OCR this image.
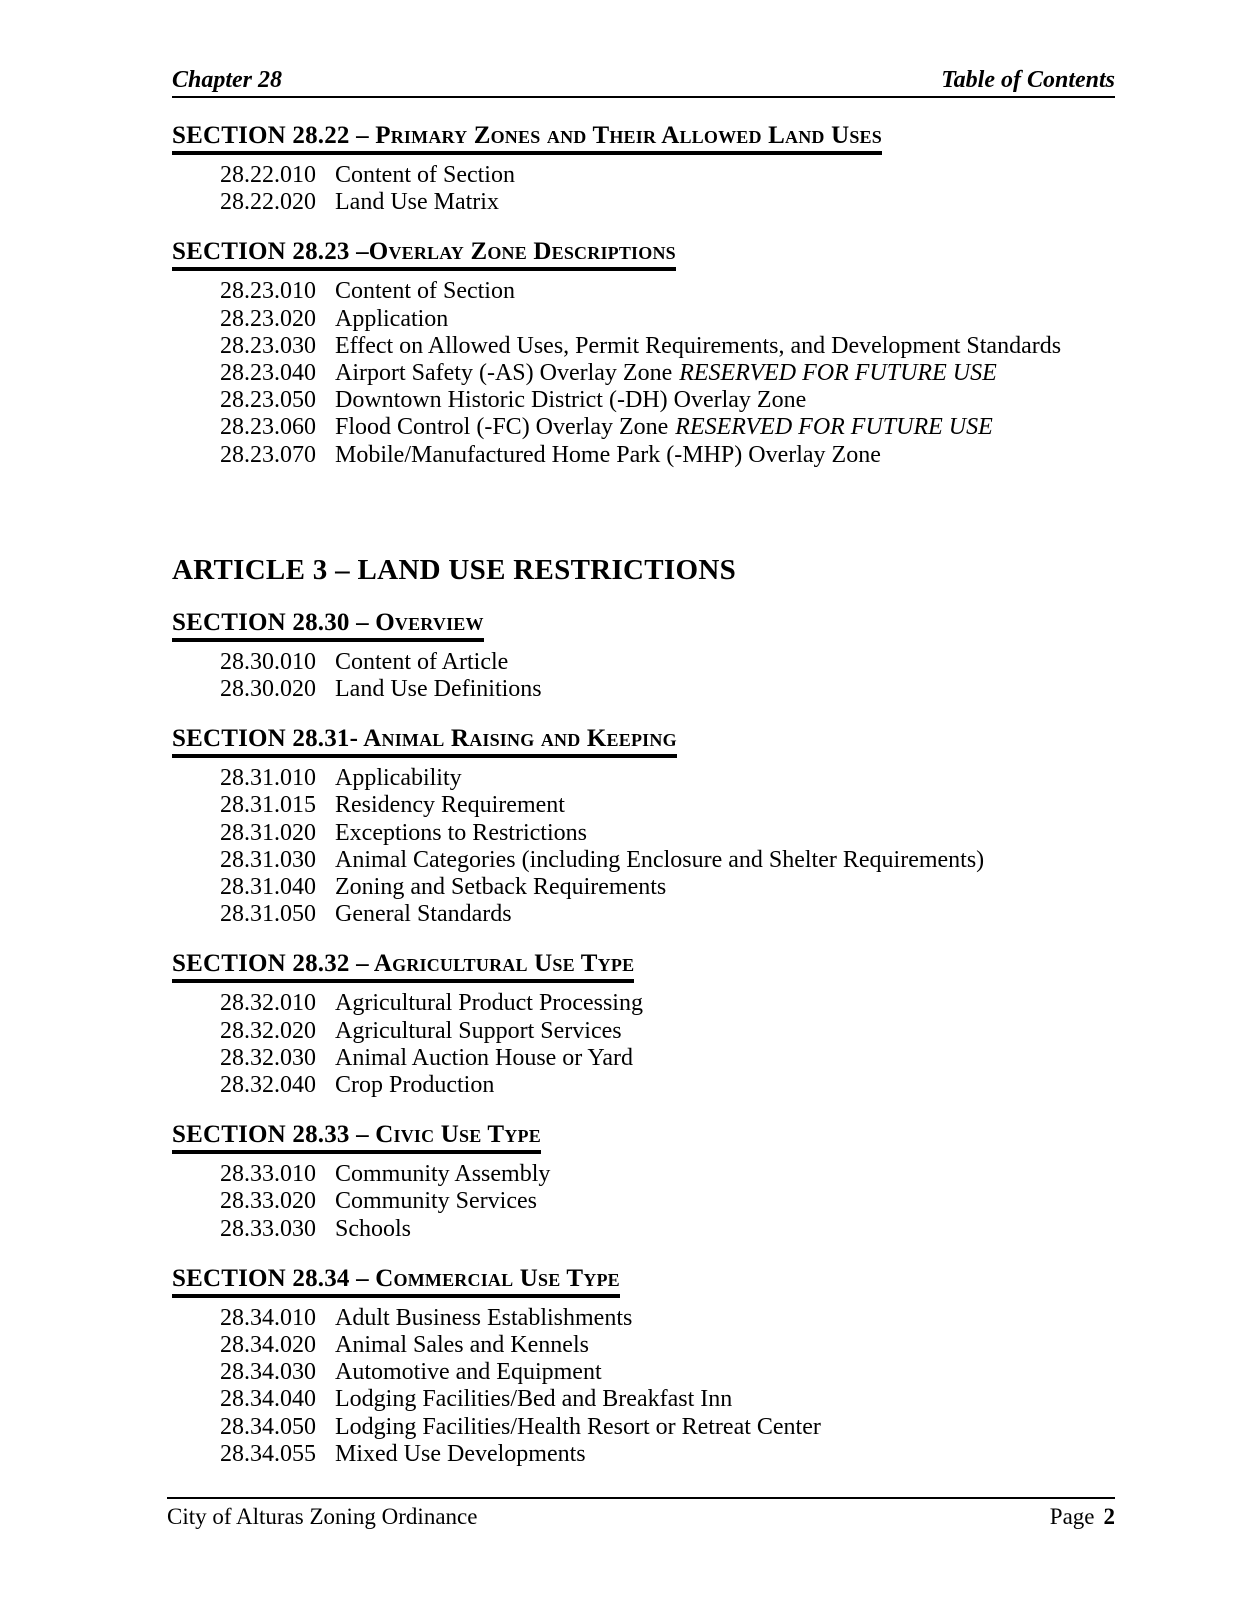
Chapter 28	Table of Contents
SECTION 28.22 – Primary Zones and Their Allowed Land Uses
28.22.010 Content of Section
28.22.020 Land Use Matrix
SECTION 28.23 –Overlay Zone Descriptions
28.23.010 Content of Section
28.23.020 Application
28.23.030 Effect on Allowed Uses, Permit Requirements, and Development Standards
28.23.040 Airport Safety (-AS) Overlay Zone RESERVED FOR FUTURE USE
28.23.050 Downtown Historic District (-DH) Overlay Zone
28.23.060 Flood Control (-FC) Overlay Zone RESERVED FOR FUTURE USE
28.23.070 Mobile/Manufactured Home Park (-MHP) Overlay Zone
ARTICLE 3 – LAND USE RESTRICTIONS
SECTION 28.30 – Overview
28.30.010 Content of Article
28.30.020 Land Use Definitions
SECTION 28.31- Animal Raising and Keeping
28.31.010 Applicability
28.31.015 Residency Requirement
28.31.020 Exceptions to Restrictions
28.31.030 Animal Categories (including Enclosure and Shelter Requirements)
28.31.040 Zoning and Setback Requirements
28.31.050 General Standards
SECTION 28.32 – Agricultural Use Type
28.32.010 Agricultural Product Processing
28.32.020 Agricultural Support Services
28.32.030 Animal Auction House or Yard
28.32.040 Crop Production
SECTION 28.33 – Civic Use Type
28.33.010 Community Assembly
28.33.020 Community Services
28.33.030 Schools
SECTION 28.34 – Commercial Use Type
28.34.010 Adult Business Establishments
28.34.020 Animal Sales and Kennels
28.34.030 Automotive and Equipment
28.34.040 Lodging Facilities/Bed and Breakfast Inn
28.34.050 Lodging Facilities/Health Resort or Retreat Center
28.34.055 Mixed Use Developments
City of Alturas Zoning Ordinance	Page 2
